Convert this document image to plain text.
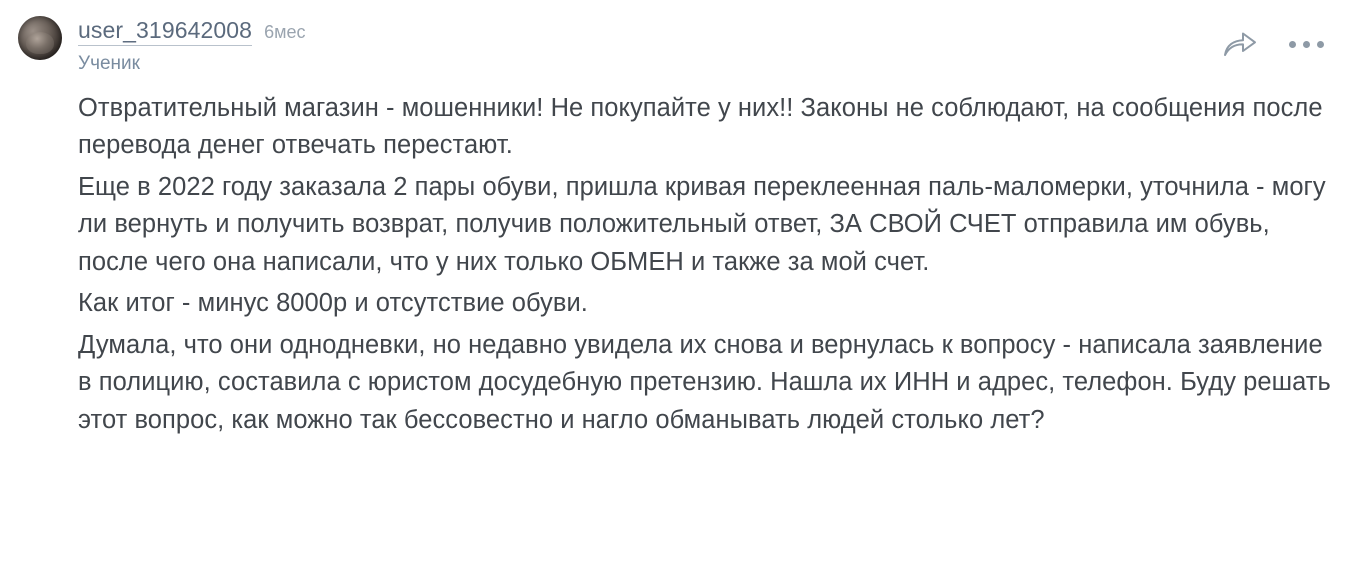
user_319642008 6мес
Ученик

Отвратительный магазин - мошенники! Не покупайте у них!! Законы не соблюдают, на сообщения после перевода денег отвечать перестают.

Еще в 2022 году заказала 2 пары обуви, пришла кривая переклеенная паль-маломерки, уточнила - могу ли вернуть и получить возврат, получив положительный ответ, ЗА СВОЙ СЧЕТ отправила им обувь, после чего она написали, что у них только ОБМЕН и также за мой счет.

Как итог - минус 8000р и отсутствие обуви.

Думала, что они однодневки, но недавно увидела их снова и вернулась к вопросу - написала заявление в полицию, составила с юристом досудебную претензию. Нашла их ИНН и адрес, телефон. Буду решать этот вопрос, как можно так бессовестно и нагло обманывать людей столько лет?
